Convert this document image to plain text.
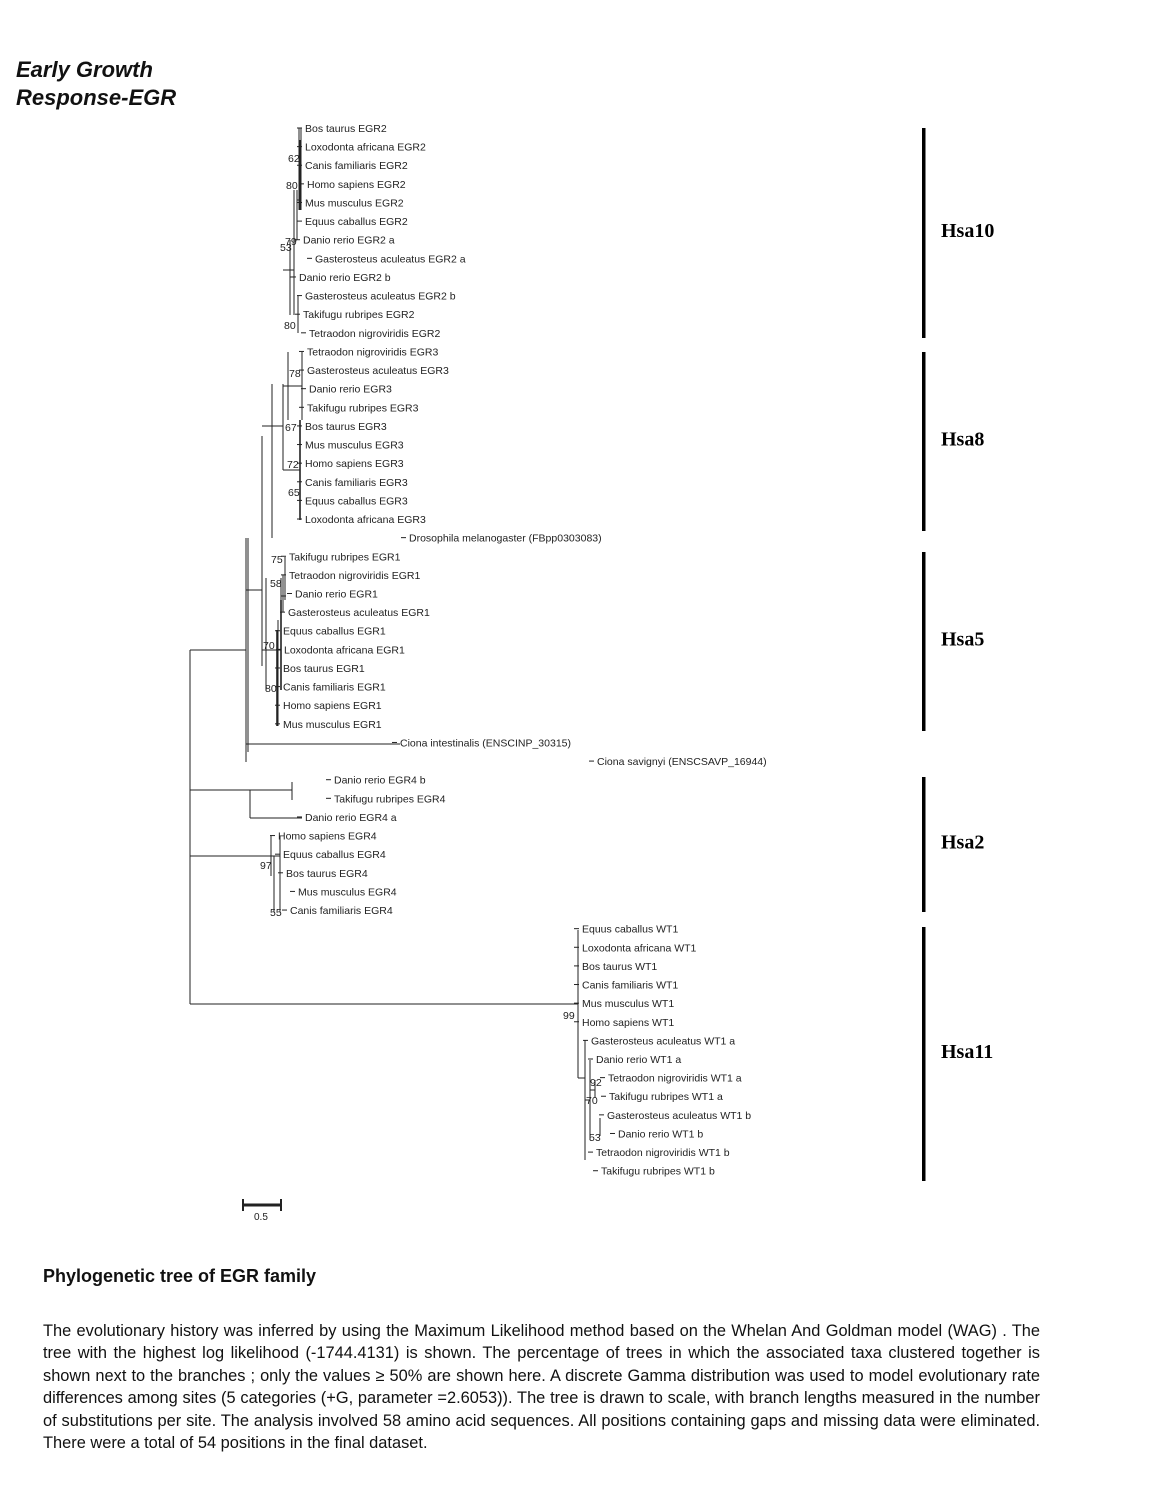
Early Growth
Response-EGR
Bos taurus EGR2
Loxodonta africana EGR2
Canis familiaris EGR2
Homo sapiens EGR2
Mus musculus EGR2
Equus caballus EGR2
Danio rerio EGR2 a
Gasterosteus aculeatus EGR2 a
Danio rerio EGR2 b
Gasterosteus aculeatus EGR2 b
Takifugu rubripes EGR2
Tetraodon nigroviridis EGR2
Tetraodon nigroviridis EGR3
Gasterosteus aculeatus EGR3
Danio rerio EGR3
Takifugu rubripes EGR3
Bos taurus EGR3
Mus musculus EGR3
Homo sapiens EGR3
Canis familiaris EGR3
Equus caballus EGR3
Loxodonta africana EGR3
Drosophila melanogaster (FBpp0303083)
Takifugu rubripes EGR1
Tetraodon nigroviridis EGR1
Danio rerio EGR1
Gasterosteus aculeatus EGR1
Equus caballus EGR1
Loxodonta africana EGR1
Bos taurus EGR1
Canis familiaris EGR1
Homo sapiens EGR1
Mus musculus EGR1
Ciona intestinalis (ENSCINP_30315)
Ciona savignyi (ENSCSAVP_16944)
Danio rerio EGR4 b
Takifugu rubripes EGR4
Danio rerio EGR4 a
Homo sapiens EGR4
Equus caballus EGR4
Bos taurus EGR4
Mus musculus EGR4
Canis familiaris EGR4
Equus caballus WT1
Loxodonta africana WT1
Bos taurus WT1
Canis familiaris WT1
Mus musculus WT1
Homo sapiens WT1
Gasterosteus aculeatus WT1 a
Danio rerio WT1 a
Tetraodon nigroviridis WT1 a
Takifugu rubripes WT1 a
Gasterosteus aculeatus WT1 b
Danio rerio WT1 b
Tetraodon nigroviridis WT1 b
Takifugu rubripes WT1 b
62
80
79
53
80
78
67
72
65
75
58
70
80
97
55
99
92
70
53
Hsa10
Hsa8
Hsa5
Hsa2
Hsa11
0.5
Phylogenetic tree of EGR family
The evolutionary history was inferred by using the Maximum Likelihood method based on the Whelan And Goldman model (WAG) . The tree with the highest log likelihood (-1744.4131) is shown. The percentage of trees in which the associated taxa clustered together is shown next to the branches ; only the values ≥ 50% are shown here. A discrete Gamma distribution was used to model evolutionary rate differences among sites (5 categories (+G, parameter =2.6053)). The tree is drawn to scale, with branch lengths measured in the number of substitutions per site. The analysis involved 58 amino acid sequences. All positions containing gaps and missing data were eliminated. There were a total of 54 positions in the final dataset.
